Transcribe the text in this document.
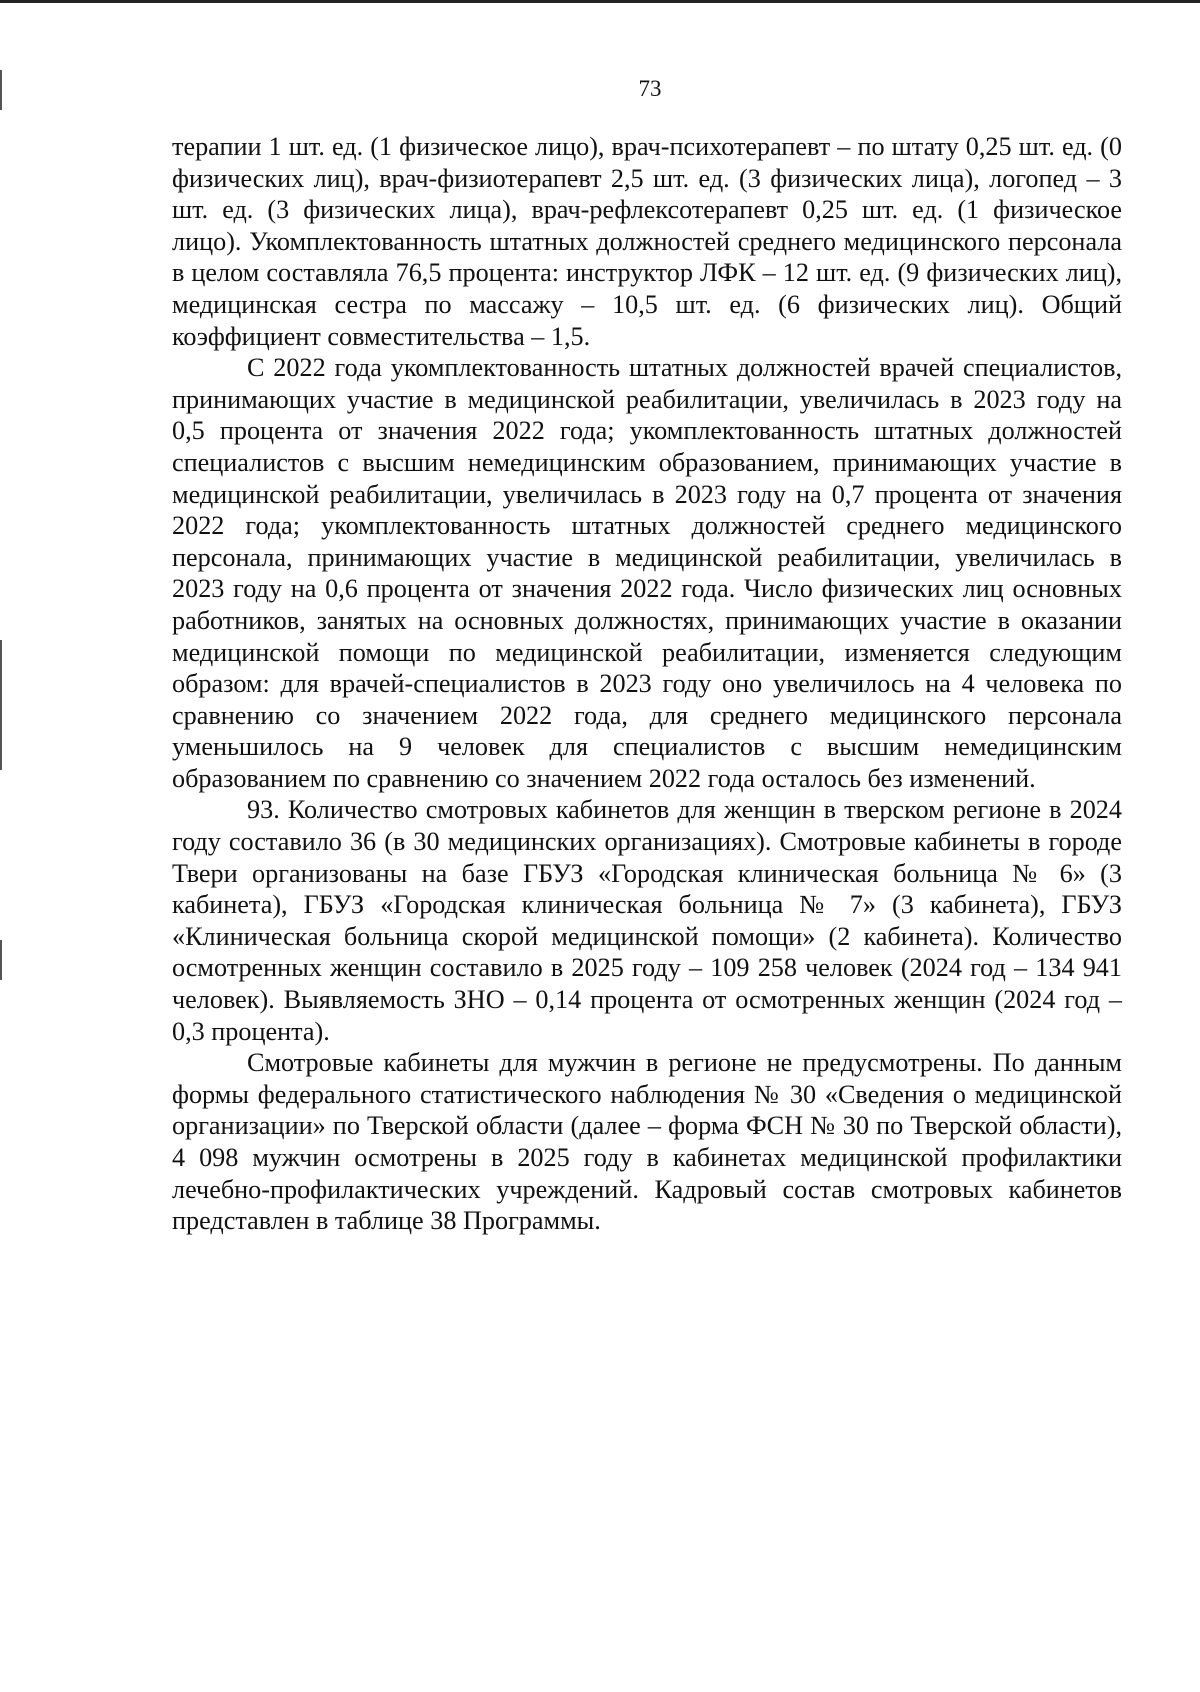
73

терапии 1 шт. ед. (1 физическое лицо), врач-психотерапевт – по штату 0,25 шт. ед. (0 физических лиц), врач-физиотерапевт 2,5 шт. ед. (3 физических лица), логопед – 3 шт. ед. (3 физических лица), врач-рефлексотерапевт 0,25 шт. ед. (1 физическое лицо). Укомплектованность штатных должностей среднего медицинского персонала в целом составляла 76,5 процента: инструктор ЛФК – 12 шт. ед. (9 физических лиц), медицинская сестра по массажу – 10,5 шт. ед. (6 физических лиц). Общий коэффициент совместительства – 1,5.

С 2022 года укомплектованность штатных должностей врачей специалистов, принимающих участие в медицинской реабилитации, увеличилась в 2023 году на 0,5 процента от значения 2022 года; укомплектованность штатных должностей специалистов с высшим немедицинским образованием, принимающих участие в медицинской реабилитации, увеличилась в 2023 году на 0,7 процента от значения 2022 года; укомплектованность штатных должностей среднего медицинского персонала, принимающих участие в медицинской реабилитации, увеличилась в 2023 году на 0,6 процента от значения 2022 года. Число физических лиц основных работников, занятых на основных должностях, принимающих участие в оказании медицинской помощи по медицинской реабилитации, изменяется следующим образом: для врачей-специалистов в 2023 году оно увеличилось на 4 человека по сравнению со значением 2022 года, для среднего медицинского персонала уменьшилось на 9 человек для специалистов с высшим немедицинским образованием по сравнению со значением 2022 года осталось без изменений.

93. Количество смотровых кабинетов для женщин в тверском регионе в 2024 году составило 36 (в 30 медицинских организациях). Смотровые кабинеты в городе Твери организованы на базе ГБУЗ «Городская клиническая больница № 6» (3 кабинета), ГБУЗ «Городская клиническая больница № 7» (3 кабинета), ГБУЗ «Клиническая больница скорой медицинской помощи» (2 кабинета). Количество осмотренных женщин составило в 2025 году – 109 258 человек (2024 год – 134 941 человек). Выявляемость ЗНО – 0,14 процента от осмотренных женщин (2024 год – 0,3 процента).

Смотровые кабинеты для мужчин в регионе не предусмотрены. По данным формы федерального статистического наблюдения № 30 «Сведения о медицинской организации» по Тверской области (далее – форма ФСН № 30 по Тверской области), 4 098 мужчин осмотрены в 2025 году в кабинетах медицинской профилактики лечебно-профилактических учреждений. Кадровый состав смотровых кабинетов представлен в таблице 38 Программы.
